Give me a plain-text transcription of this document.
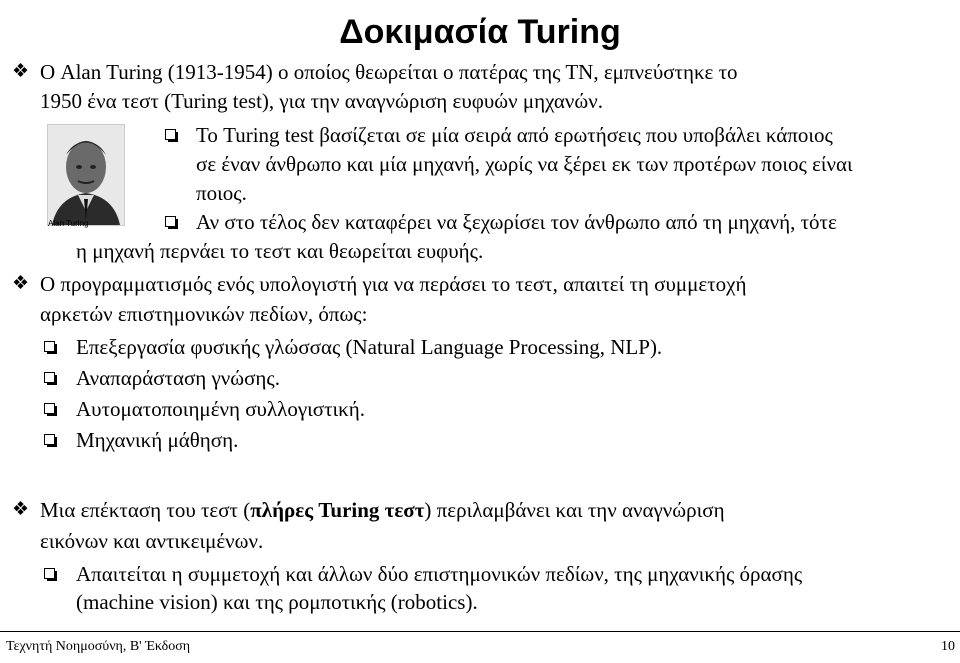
Δοκιμασία Turing
❖ Ο Alan Turing (1913-1954) ο οποίος θεωρείται ο πατέρας της ΤΝ, εμπνεύστηκε το
1950 ένα τεστ (Turing test), για την αναγνώριση ευφυών μηχανών.
Alan Turing
Το Turing test βασίζεται σε μία σειρά από ερωτήσεις που υποβάλει κάποιος
σε έναν άνθρωπο και μία μηχανή, χωρίς να ξέρει εκ των προτέρων ποιος είναι
ποιος.
Αν στο τέλος δεν καταφέρει να ξεχωρίσει τον άνθρωπο από τη μηχανή, τότε
η μηχανή περνάει το τεστ και θεωρείται ευφυής.
❖ Ο προγραμματισμός ενός υπολογιστή για να περάσει το τεστ, απαιτεί τη συμμετοχή
αρκετών επιστημονικών πεδίων, όπως:
Επεξεργασία φυσικής γλώσσας (Natural Language Processing, NLP).
Αναπαράσταση γνώσης.
Αυτοματοποιημένη συλλογιστική.
Μηχανική μάθηση.
❖ Μια επέκταση του τεστ (πλήρες Turing τεστ) περιλαμβάνει και την αναγνώριση
εικόνων και αντικειμένων.
Απαιτείται η συμμετοχή και άλλων δύο επιστημονικών πεδίων, της μηχανικής όρασης
(machine vision) και της ρομποτικής (robotics).
Τεχνητή Νοημοσύνη, Β' Έκδοση	10
